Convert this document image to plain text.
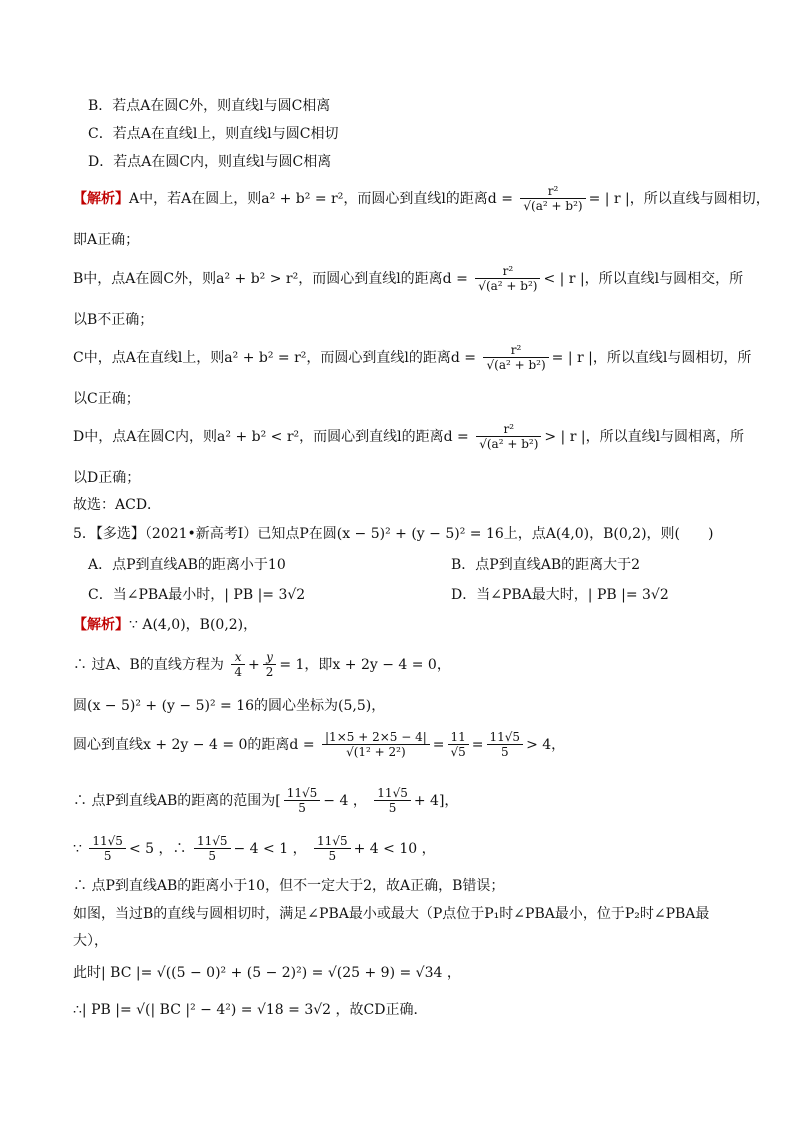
B．若点A在圆C外，则直线l与圆C相离
C．若点A在直线l上，则直线l与圆C相切
D．若点A在圆C内，则直线l与圆C相离
【解析】A中，若A在圆上，则a² + b² = r²，而圆心到直线l的距离$d = \frac{\text{r²}}{\text{√(a² + b²)}}$ = | r |，所以直线与圆相切，
即A正确；
B中，点A在圆C外，则a² + b² > r²，而圆心到直线l的距离$d = \frac{\text{r²}}{\text{√(a² + b²)}}$ < | r |，所以直线l与圆相交，所
以B不正确；
C中，点A在直线l上，则a² + b² = r²，而圆心到直线l的距离$d = \frac{\text{r²}}{\text{√(a² + b²)}}$ = | r |，所以直线l与圆相切，所
以C正确；
D中，点A在圆C内，则a² + b² < r²，而圆心到直线l的距离$d = \frac{\text{r²}}{\text{√(a² + b²)}}$ > | r |，所以直线l与圆相离，所
以D正确；
故选：ACD．
5．【多选】（2021•新高考Ⅰ）已知点P在圆(x − 5)² + (y − 5)² = 16上，点A(4,0)，B(0,2)，则(　　)
A．点P到直线AB的距离小于10	B．点P到直线AB的距离大于2
C．当∠PBA最小时，| PB |= 3√2	D．当∠PBA最大时，| PB |= 3√2
【解析】∵ A(4,0)，B(0,2)，
∴ 过A、B的直线方程为 $\frac{x}{4} + \frac{y}{2} = 1$，即x + 2y − 4 = 0，
圆(x − 5)² + (y − 5)² = 16的圆心坐标为(5,5)，
圆心到直线x + 2y − 4 = 0的距离$d = \frac{|1\times 5 + 2\times 5 - 4|}{\text{√(1² + 2²)}} = \frac{11}{√5} = \frac{11√5}{5} > 4$，
∴ 点P到直线AB的距离的范围为[ $\frac{11√5}{5} - 4$ ， $\frac{11√5}{5} + 4$]，
∵ $\frac{11√5}{5} < 5$ ，∴ $\frac{11√5}{5} - 4 < 1$ ， $\frac{11√5}{5} + 4 < 10$ ，
∴ 点P到直线AB的距离小于10，但不一定大于2，故A正确，B错误；
如图，当过B的直线与圆相切时，满足∠PBA最小或最大（P点位于P₁时∠PBA最小，位于P₂时∠PBA最
大），
此时| BC |= √((5 − 0)² + (5 − 2)²) = √(25 + 9) = √34 ，
∴| PB |= √(| BC |² − 4²) = √18 = 3√2 ，故CD正确．
